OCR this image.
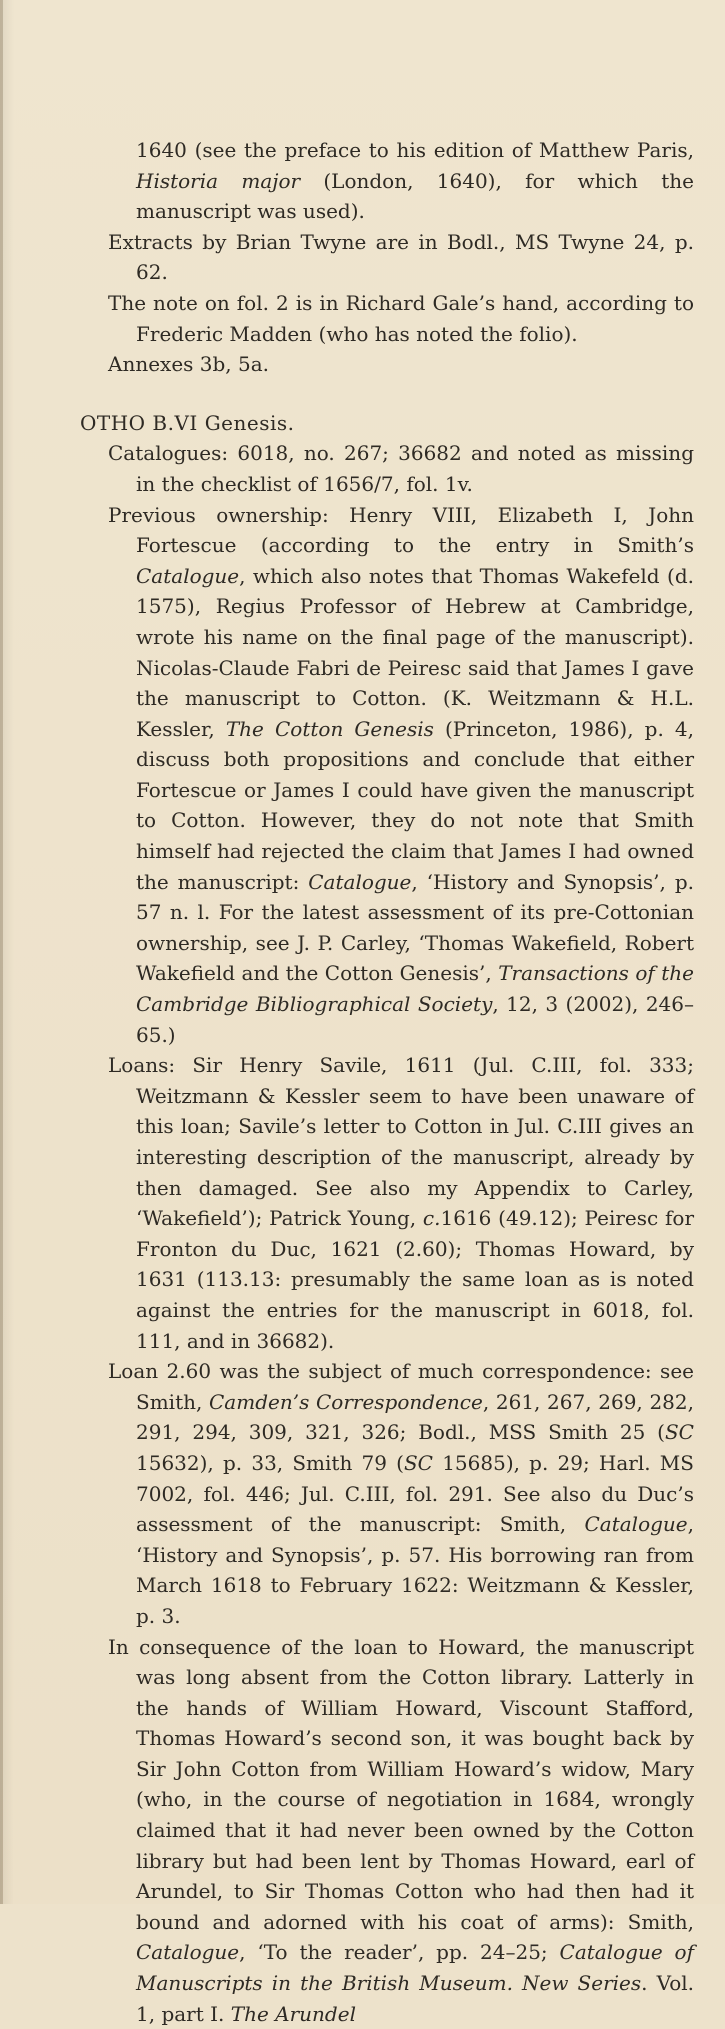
1640 (see the preface to his edition of Matthew Paris, Historia major (London, 1640), for which the manuscript was used).

Extracts by Brian Twyne are in Bodl., MS Twyne 24, p. 62.

The note on fol. 2 is in Richard Gale’s hand, according to Frederic Madden (who has noted the folio).

Annexes 3b, 5a.

OTHO B.VI Genesis.

Catalogues: 6018, no. 267; 36682 and noted as missing in the checklist of 1656/7, fol. 1v.

Previous ownership: Henry VIII, Elizabeth I, John Fortescue (according to the entry in Smith’s Catalogue, which also notes that Thomas Wakefeld (d. 1575), Regius Professor of Hebrew at Cambridge, wrote his name on the final page of the manuscript). Nicolas-Claude Fabri de Peiresc said that James I gave the manuscript to Cotton. (K. Weitzmann & H.L. Kessler, The Cotton Genesis (Princeton, 1986), p. 4, discuss both propositions and conclude that either Fortescue or James I could have given the manuscript to Cotton. However, they do not note that Smith himself had rejected the claim that James I had owned the manuscript: Catalogue, ‘History and Synopsis’, p. 57 n. l. For the latest assessment of its pre-Cottonian ownership, see J. P. Carley, ‘Thomas Wakefield, Robert Wakefield and the Cotton Genesis’, Transactions of the Cambridge Bibliographical Society, 12, 3 (2002), 246–65.)

Loans: Sir Henry Savile, 1611 (Jul. C.III, fol. 333; Weitzmann & Kessler seem to have been unaware of this loan; Savile’s letter to Cotton in Jul. C.III gives an interesting description of the manuscript, already by then damaged. See also my Appendix to Carley, ‘Wakefield’); Patrick Young, c.1616 (49.12); Peiresc for Fronton du Duc, 1621 (2.60); Thomas Howard, by 1631 (113.13: presumably the same loan as is noted against the entries for the manuscript in 6018, fol. 111, and in 36682).

Loan 2.60 was the subject of much correspondence: see Smith, Camden’s Correspondence, 261, 267, 269, 282, 291, 294, 309, 321, 326; Bodl., MSS Smith 25 (SC 15632), p. 33, Smith 79 (SC 15685), p. 29; Harl. MS 7002, fol. 446; Jul. C.III, fol. 291. See also du Duc’s assessment of the manuscript: Smith, Catalogue, ‘History and Synopsis’, p. 57. His borrowing ran from March 1618 to February 1622: Weitzmann & Kessler, p. 3.

In consequence of the loan to Howard, the manuscript was long absent from the Cotton library. Latterly in the hands of William Howard, Viscount Stafford, Thomas Howard’s second son, it was bought back by Sir John Cotton from William Howard’s widow, Mary (who, in the course of negotiation in 1684, wrongly claimed that it had never been owned by the Cotton library but had been lent by Thomas Howard, earl of Arundel, to Sir Thomas Cotton who had then had it bound and adorned with his coat of arms): Smith, Catalogue, ‘To the reader’, pp. 24–25; Catalogue of Manuscripts in the British Museum. New Series. Vol. 1, part I. The Arundel
